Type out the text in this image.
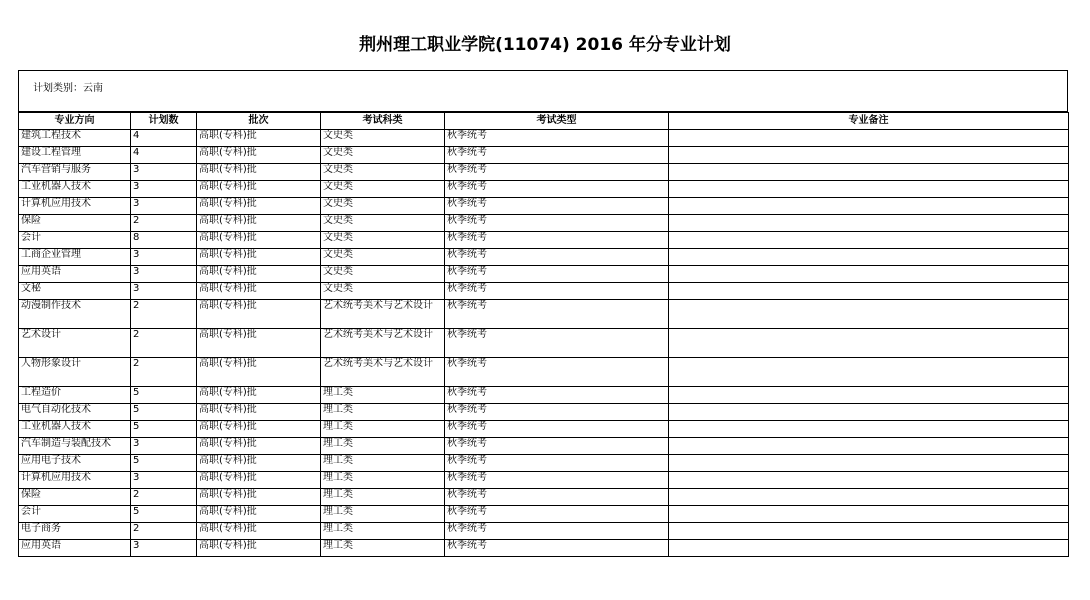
荆州理工职业学院(11074) 2016 年分专业计划
计划类别：云南
专业方向	计划数	批次	考试科类	考试类型	专业备注
建筑工程技术	4	高职(专科)批	文史类	秋季统考	
建设工程管理	4	高职(专科)批	文史类	秋季统考	
汽车营销与服务	3	高职(专科)批	文史类	秋季统考	
工业机器人技术	3	高职(专科)批	文史类	秋季统考	
计算机应用技术	3	高职(专科)批	文史类	秋季统考	
保险	2	高职(专科)批	文史类	秋季统考	
会计	8	高职(专科)批	文史类	秋季统考	
工商企业管理	3	高职(专科)批	文史类	秋季统考	
应用英语	3	高职(专科)批	文史类	秋季统考	
文秘	3	高职(专科)批	文史类	秋季统考	
动漫制作技术	2	高职(专科)批	艺术统考美术与艺术设计	秋季统考	
艺术设计	2	高职(专科)批	艺术统考美术与艺术设计	秋季统考	
人物形象设计	2	高职(专科)批	艺术统考美术与艺术设计	秋季统考	
工程造价	5	高职(专科)批	理工类	秋季统考	
电气自动化技术	5	高职(专科)批	理工类	秋季统考	
工业机器人技术	5	高职(专科)批	理工类	秋季统考	
汽车制造与装配技术	3	高职(专科)批	理工类	秋季统考	
应用电子技术	5	高职(专科)批	理工类	秋季统考	
计算机应用技术	3	高职(专科)批	理工类	秋季统考	
保险	2	高职(专科)批	理工类	秋季统考	
会计	5	高职(专科)批	理工类	秋季统考	
电子商务	2	高职(专科)批	理工类	秋季统考	
应用英语	3	高职(专科)批	理工类	秋季统考	
